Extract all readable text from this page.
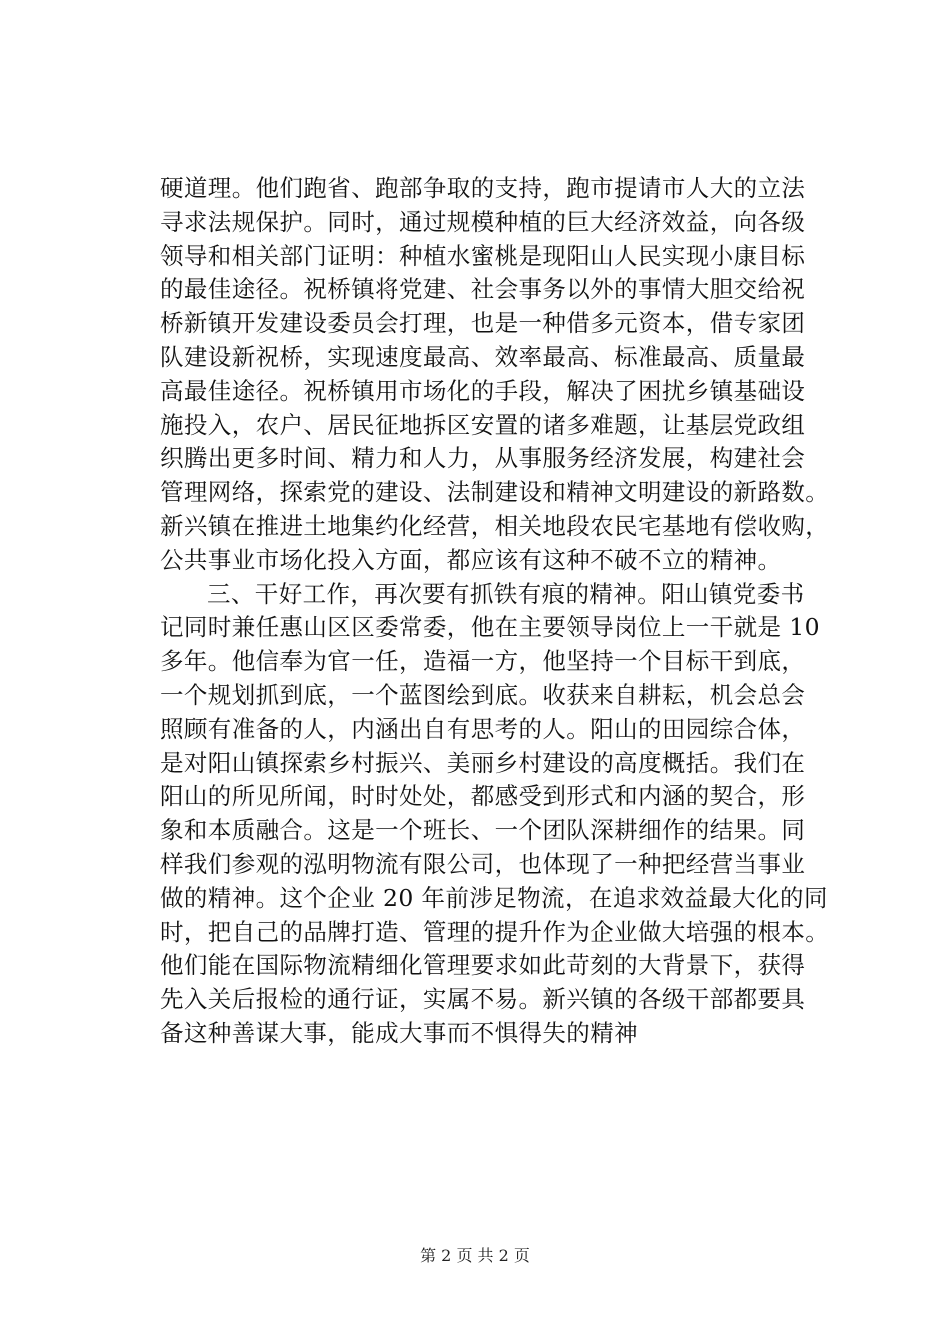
硬道理。他们跑省、跑部争取的支持，跑市提请市人大的立法
寻求法规保护。同时，通过规模种植的巨大经济效益，向各级
领导和相关部门证明：种植水蜜桃是现阳山人民实现小康目标
的最佳途径。祝桥镇将党建、社会事务以外的事情大胆交给祝
桥新镇开发建设委员会打理，也是一种借多元资本，借专家团
队建设新祝桥，实现速度最高、效率最高、标准最高、质量最
高最佳途径。祝桥镇用市场化的手段，解决了困扰乡镇基础设
施投入，农户、居民征地拆区安置的诸多难题，让基层党政组
织腾出更多时间、精力和人力，从事服务经济发展，构建社会
管理网络，探索党的建设、法制建设和精神文明建设的新路数。
新兴镇在推进土地集约化经营，相关地段农民宅基地有偿收购，
公共事业市场化投入方面，都应该有这种不破不立的精神。
三、干好工作，再次要有抓铁有痕的精神。阳山镇党委书
记同时兼任惠山区区委常委，他在主要领导岗位上一干就是 10
多年。他信奉为官一任，造福一方，他坚持一个目标干到底，
一个规划抓到底，一个蓝图绘到底。收获来自耕耘，机会总会
照顾有准备的人，内涵出自有思考的人。阳山的田园综合体，
是对阳山镇探索乡村振兴、美丽乡村建设的高度概括。我们在
阳山的所见所闻，时时处处，都感受到形式和内涵的契合，形
象和本质融合。这是一个班长、一个团队深耕细作的结果。同
样我们参观的泓明物流有限公司，也体现了一种把经营当事业
做的精神。这个企业 20 年前涉足物流，在追求效益最大化的同
时，把自己的品牌打造、管理的提升作为企业做大培强的根本。
他们能在国际物流精细化管理要求如此苛刻的大背景下，获得
先入关后报检的通行证，实属不易。新兴镇的各级干部都要具
备这种善谋大事，能成大事而不惧得失的精神
第 2 页 共 2 页
